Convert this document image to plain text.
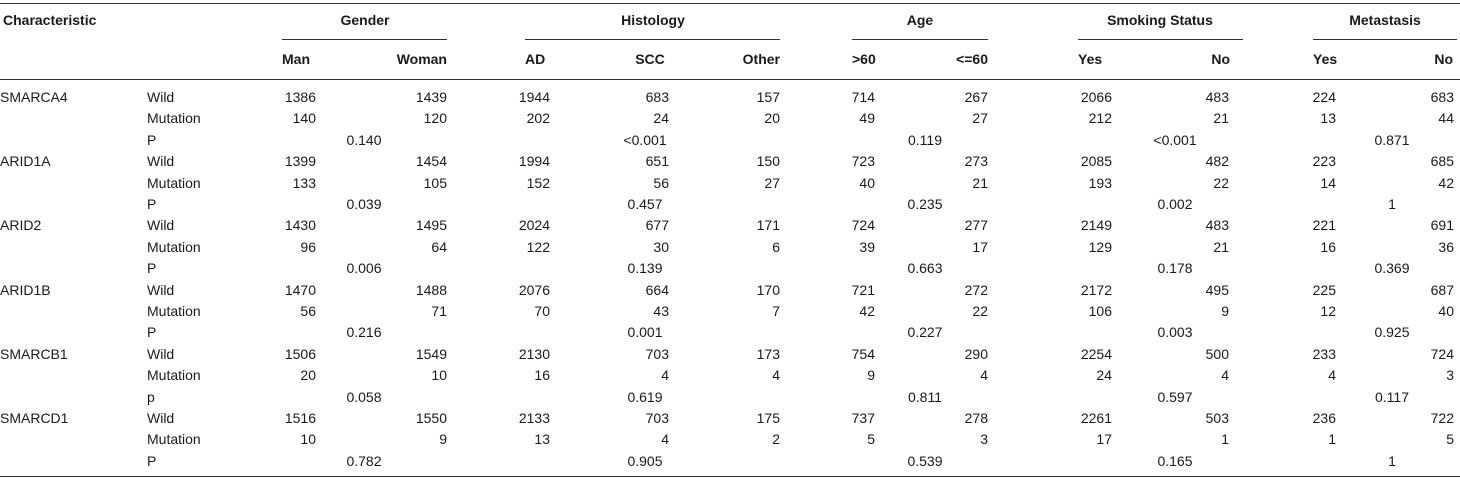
Characteristic	Gender	Histology	Age	Smoking Status	Metastasis
Man	Woman	AD	SCC	Other	>60	<=60	Yes	No	Yes	No
SMARCA4	Wild	1386	1439	1944	683	157	714	267	2066	483	224	683
Mutation	140	120	202	24	20	49	27	212	21	13	44
P	0.140	<0.001	0.119	<0.001	0.871
ARID1A	Wild	1399	1454	1994	651	150	723	273	2085	482	223	685
Mutation	133	105	152	56	27	40	21	193	22	14	42
P	0.039	0.457	0.235	0.002	1
ARID2	Wild	1430	1495	2024	677	171	724	277	2149	483	221	691
Mutation	96	64	122	30	6	39	17	129	21	16	36
P	0.006	0.139	0.663	0.178	0.369
ARID1B	Wild	1470	1488	2076	664	170	721	272	2172	495	225	687
Mutation	56	71	70	43	7	42	22	106	9	12	40
P	0.216	0.001	0.227	0.003	0.925
SMARCB1	Wild	1506	1549	2130	703	173	754	290	2254	500	233	724
Mutation	20	10	16	4	4	9	4	24	4	4	3
p	0.058	0.619	0.811	0.597	0.117
SMARCD1	Wild	1516	1550	2133	703	175	737	278	2261	503	236	722
Mutation	10	9	13	4	2	5	3	17	1	1	5
P	0.782	0.905	0.539	0.165	1
